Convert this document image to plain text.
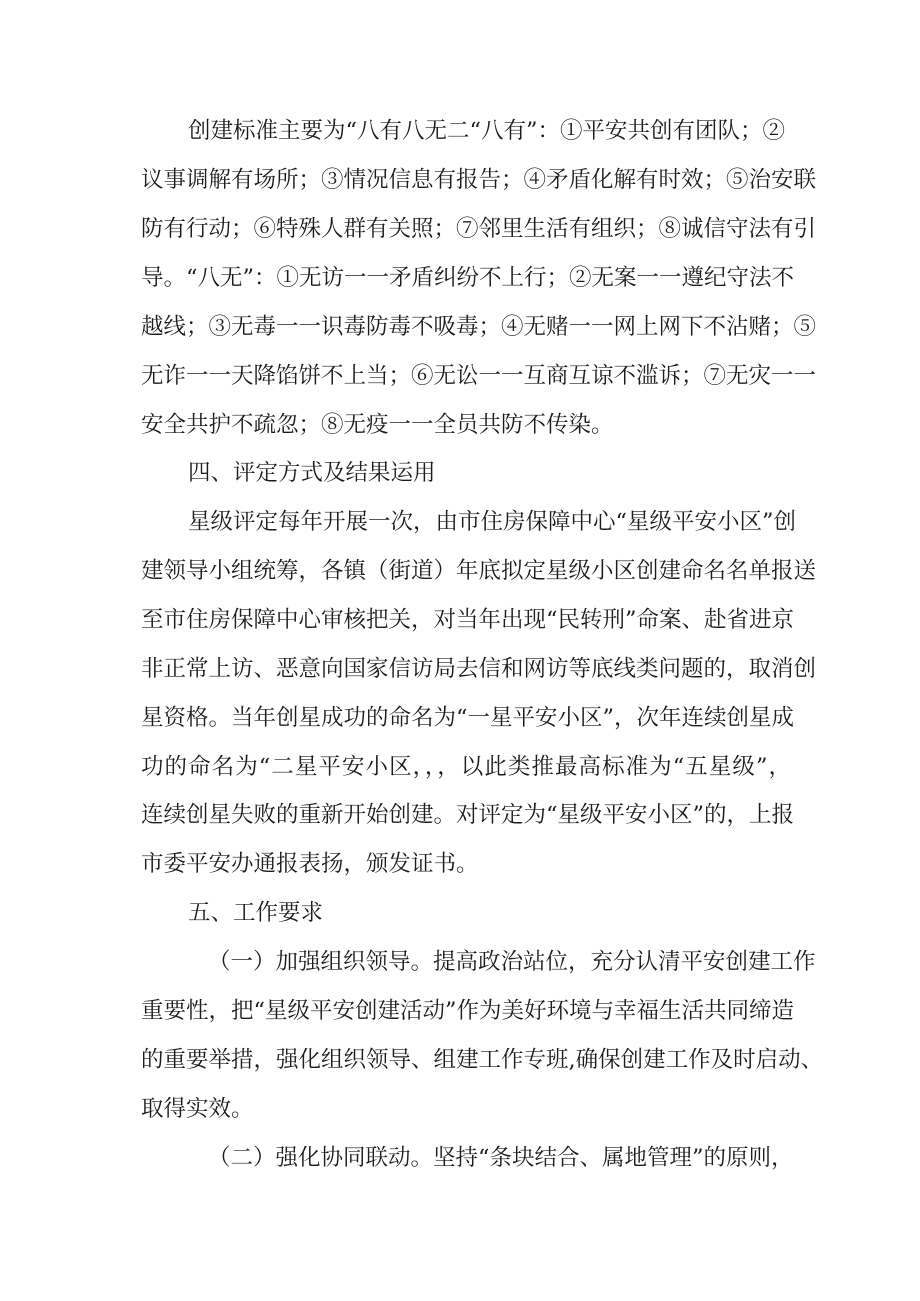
创建标准主要为“八有八无二“八有”：①平安共创有团队；②
议事调解有场所；③情况信息有报告；④矛盾化解有时效；⑤治安联
防有行动；⑥特殊人群有关照；⑦邻里生活有组织；⑧诚信守法有引
导。“八无”：①无访一一矛盾纠纷不上行；②无案一一遵纪守法不
越线；③无毒一一识毒防毒不吸毒；④无赌一一网上网下不沾赌；⑤
无诈一一天降馅饼不上当；⑥无讼一一互商互谅不滥诉；⑦无灾一一
安全共护不疏忽；⑧无疫一一全员共防不传染。
四、评定方式及结果运用
星级评定每年开展一次，由市住房保障中心“星级平安小区”创
建领导小组统筹，各镇（街道）年底拟定星级小区创建命名名单报送
至市住房保障中心审核把关，对当年出现“民转刑”命案、赴省进京
非正常上访、恶意向国家信访局去信和网访等底线类问题的，取消创
星资格。当年创星成功的命名为“一星平安小区”，次年连续创星成
功的命名为“二星平安小区，，，以此类推最高标准为“五星级”，
连续创星失败的重新开始创建。对评定为“星级平安小区”的，上报
市委平安办通报表扬，颁发证书。
五、工作要求
（一）加强组织领导。提高政治站位，充分认清平安创建工作
重要性，把“星级平安创建活动”作为美好环境与幸福生活共同缔造
的重要举措，强化组织领导、组建工作专班,确保创建工作及时启动、
取得实效。
（二）强化协同联动。坚持“条块结合、属地管理”的原则，
